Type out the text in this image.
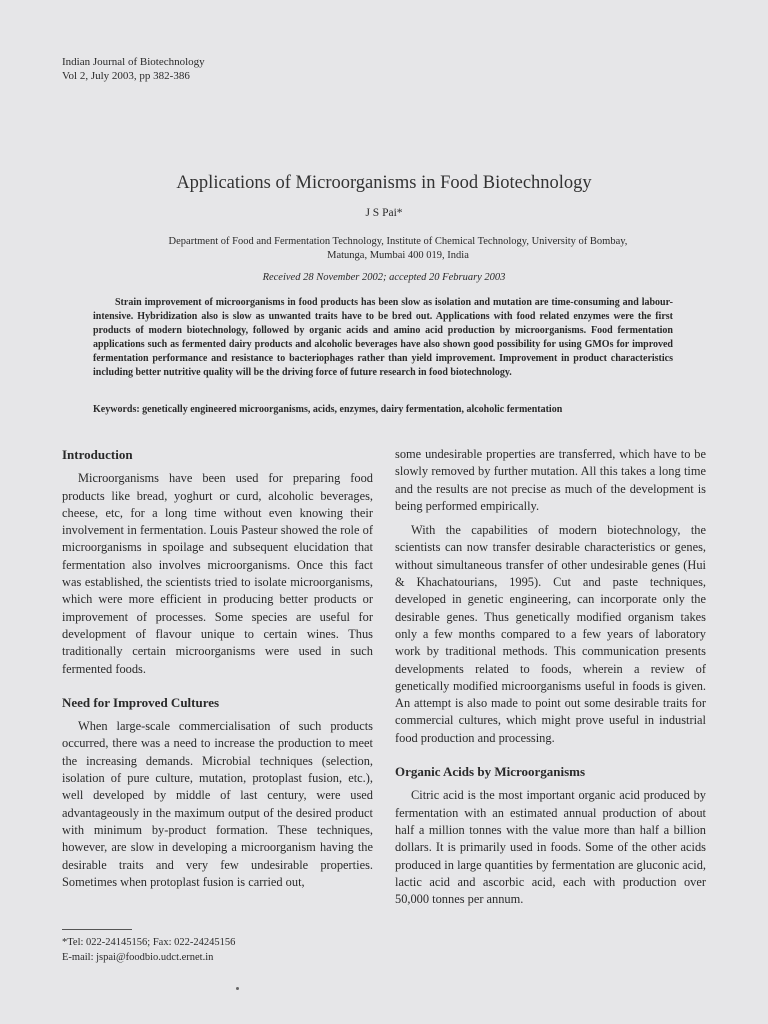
Indian Journal of Biotechnology
Vol 2, July 2003, pp 382-386
Applications of Microorganisms in Food Biotechnology
J S Pai*
Department of Food and Fermentation Technology, Institute of Chemical Technology, University of Bombay,
Matunga, Mumbai 400 019, India
Received 28 November 2002; accepted 20 February 2003
Strain improvement of microorganisms in food products has been slow as isolation and mutation are time-consuming and labour-intensive. Hybridization also is slow as unwanted traits have to be bred out. Applications with food related enzymes were the first products of modern biotechnology, followed by organic acids and amino acid production by microorganisms. Food fermentation applications such as fermented dairy products and alcoholic beverages have also shown good possibility for using GMOs for improved fermentation performance and resistance to bacteriophages rather than yield improvement. Improvement in product characteristics including better nutritive quality will be the driving force of future research in food biotechnology.
Keywords: genetically engineered microorganisms, acids, enzymes, dairy fermentation, alcoholic fermentation
Introduction

Microorganisms have been used for preparing food products like bread, yoghurt or curd, alcoholic beverages, cheese, etc, for a long time without even knowing their involvement in fermentation. Louis Pasteur showed the role of microorganisms in spoilage and subsequent elucidation that fermentation also involves microorganisms. Once this fact was established, the scientists tried to isolate microorganisms, which were more efficient in producing better products or improvement of processes. Some species are useful for development of flavour unique to certain wines. Thus traditionally certain microorganisms were used in such fermented foods.

Need for Improved Cultures

When large-scale commercialisation of such products occurred, there was a need to increase the production to meet the increasing demands. Microbial techniques (selection, isolation of pure culture, mutation, protoplast fusion, etc.), well developed by middle of last century, were used advantageously in the maximum output of the desired product with minimum by-product formation. These techniques, however, are slow in developing a microorganism having the desirable traits and very few undesirable properties. Sometimes when protoplast fusion is carried out,

some undesirable properties are transferred, which have to be slowly removed by further mutation. All this takes a long time and the results are not precise as much of the development is being performed empirically.

With the capabilities of modern biotechnology, the scientists can now transfer desirable characteristics or genes, without simultaneous transfer of other undesirable genes (Hui & Khachatourians, 1995). Cut and paste techniques, developed in genetic engineering, can incorporate only the desirable genes. Thus genetically modified organism takes only a few months compared to a few years of laboratory work by traditional methods. This communication presents developments related to foods, wherein a review of genetically modified microorganisms useful in foods is given. An attempt is also made to point out some desirable traits for commercial cultures, which might prove useful in industrial food production and processing.

Organic Acids by Microorganisms

Citric acid is the most important organic acid produced by fermentation with an estimated annual production of about half a million tonnes with the value more than half a billion dollars. It is primarily used in foods. Some of the other acids produced in large quantities by fermentation are gluconic acid, lactic acid and ascorbic acid, each with production over 50,000 tonnes per annum.

*Tel: 022-24145156; Fax: 022-24245156
E-mail: jspai@foodbio.udct.ernet.in
